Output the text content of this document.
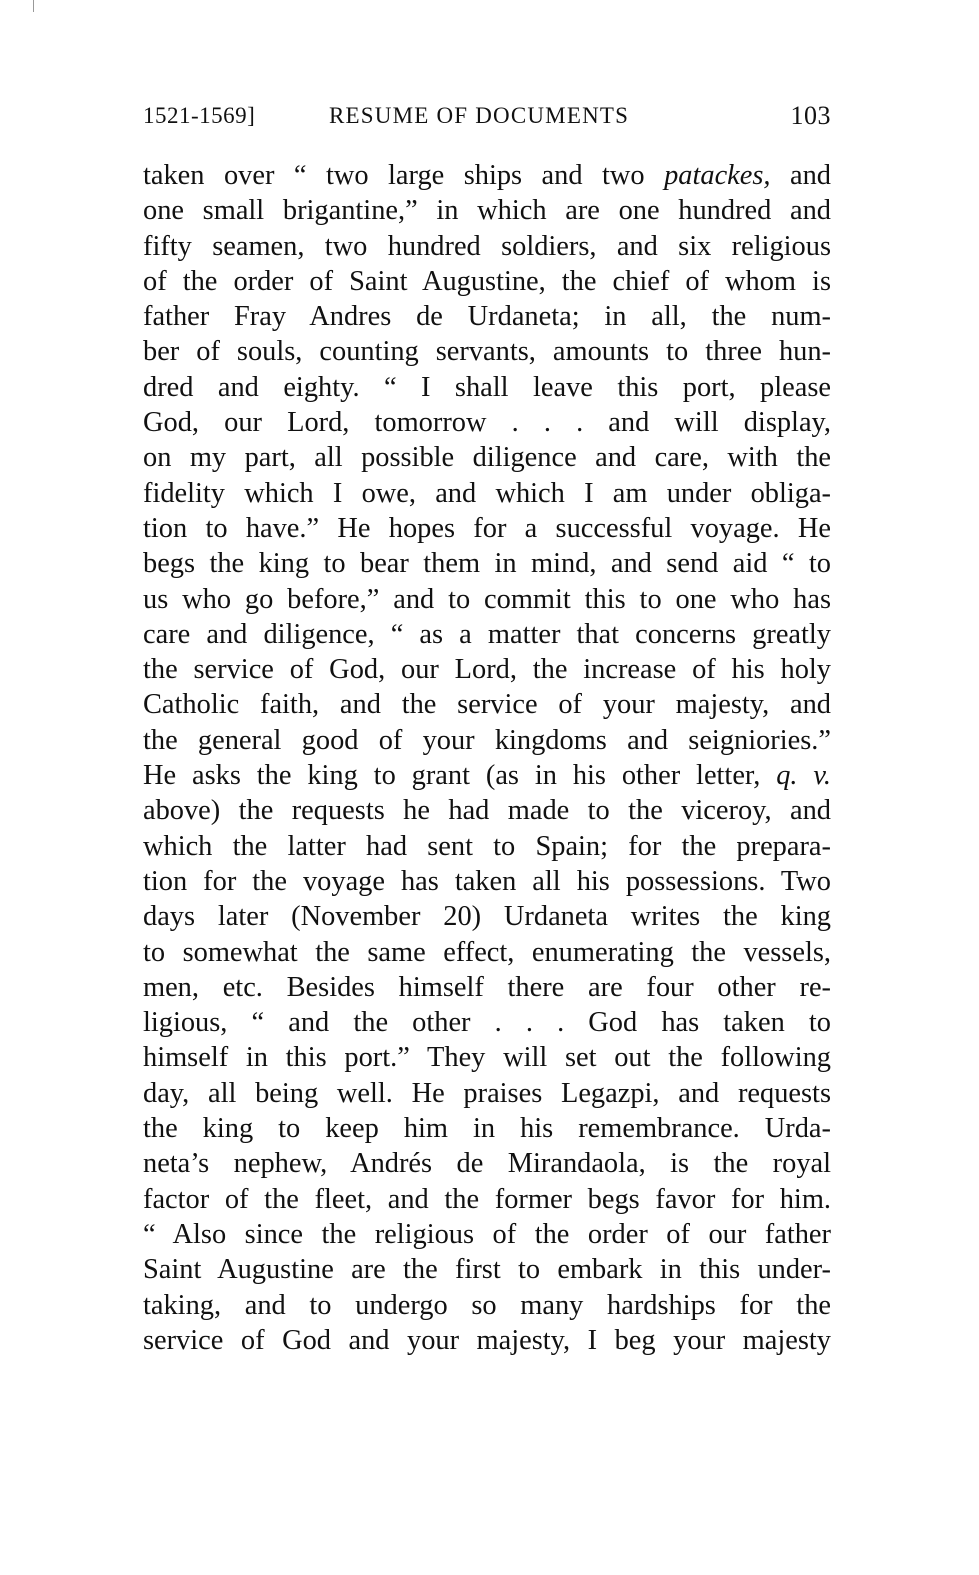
1521-1569]	RESUME OF DOCUMENTS	103
taken over “ two large ships and two patackes, and
one small brigantine,” in which are one hundred and
fifty seamen, two hundred soldiers, and six religious
of the order of Saint Augustine, the chief of whom is
father Fray Andres de Urdaneta; in all, the num-
ber of souls, counting servants, amounts to three hun-
dred and eighty. “ I shall leave this port, please
God, our Lord, tomorrow . . . and will display,
on my part, all possible diligence and care, with the
fidelity which I owe, and which I am under obliga-
tion to have.” He hopes for a successful voyage. He
begs the king to bear them in mind, and send aid “ to
us who go before,” and to commit this to one who has
care and diligence, “ as a matter that concerns greatly
the service of God, our Lord, the increase of his holy
Catholic faith, and the service of your majesty, and
the general good of your kingdoms and seigniories.”
He asks the king to grant (as in his other letter, q. v.
above) the requests he had made to the viceroy, and
which the latter had sent to Spain; for the prepara-
tion for the voyage has taken all his possessions. Two
days later (November 20) Urdaneta writes the king
to somewhat the same effect, enumerating the vessels,
men, etc. Besides himself there are four other re-
ligious, “ and the other . . . God has taken to
himself in this port.” They will set out the following
day, all being well. He praises Legazpi, and requests
the king to keep him in his remembrance. Urda-
neta’s nephew, Andrés de Mirandaola, is the royal
factor of the fleet, and the former begs favor for him.
“ Also since the religious of the order of our father
Saint Augustine are the first to embark in this under-
taking, and to undergo so many hardships for the
service of God and your majesty, I beg your majesty
